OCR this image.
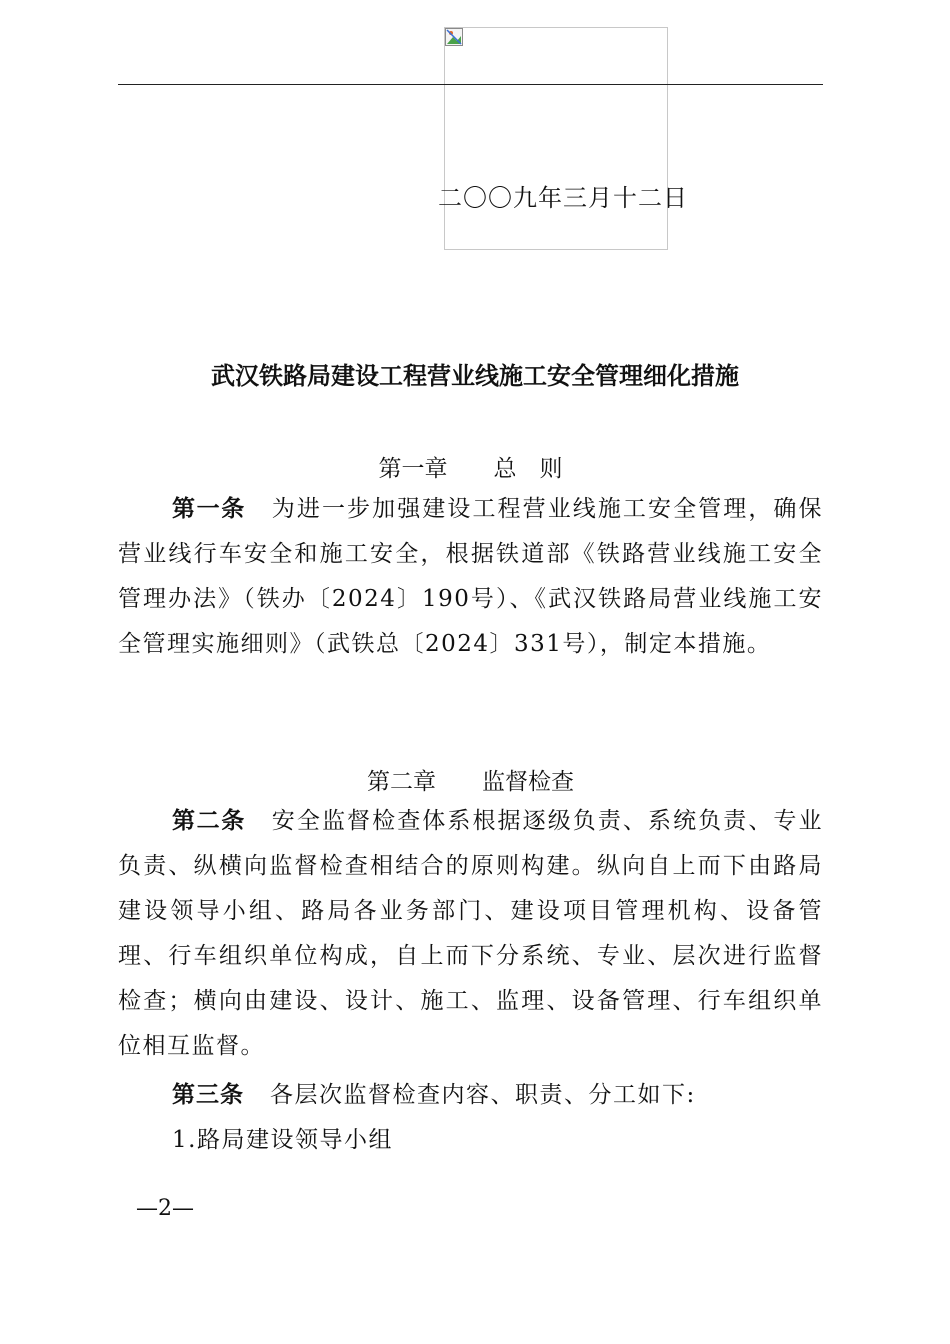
二〇〇九年三月十二日
武汉铁路局建设工程营业线施工安全管理细化措施
第一章　　总　则

第一条 为进一步加强建设工程营业线施工安全管理，确保营业线行车安全和施工安全，根据铁道部《铁路营业线施工安全管理办法》（铁办〔2024〕190号）、《武汉铁路局营业线施工安全管理实施细则》（武铁总〔2024〕331号），制定本措施。

第二章　　监督检查

第二条 安全监督检查体系根据逐级负责、系统负责、专业负责、纵横向监督检查相结合的原则构建。纵向自上而下由路局建设领导小组、路局各业务部门、建设项目管理机构、设备管理、行车组织单位构成，自上而下分系统、专业、层次进行监督检查；横向由建设、设计、施工、监理、设备管理、行车组织单位相互监督。

第三条 各层次监督检查内容、职责、分工如下:
1.路局建设领导小组
—2—
